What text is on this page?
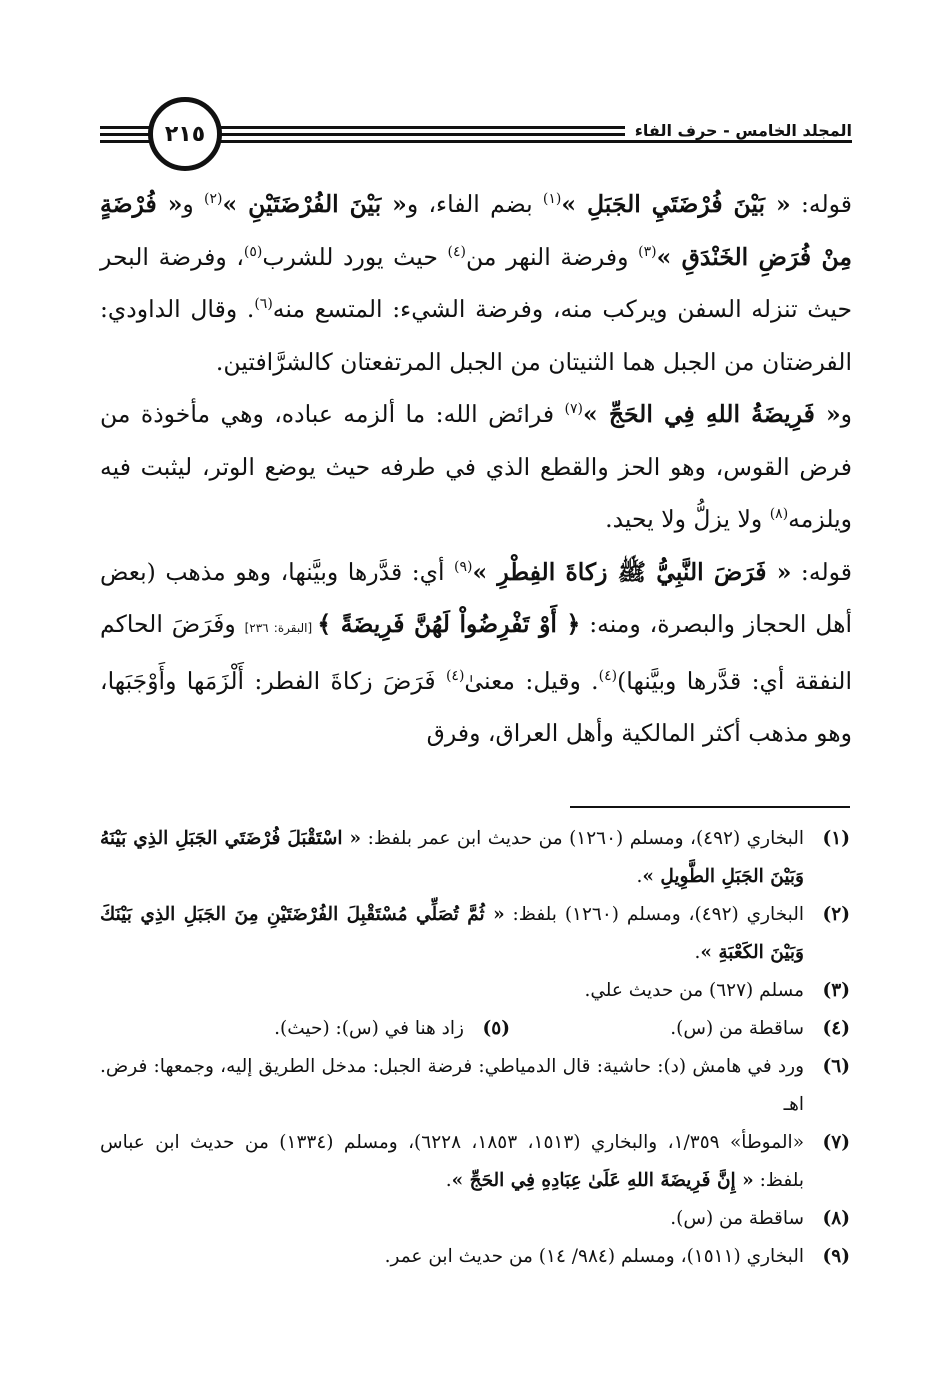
المجلد الخامس - حرف الفاء
٢١٥

قوله: « بَيْنَ فُرْضَتَيِ الجَبَلِ »$^{(١)}$ بضم الفاء، و« بَيْنَ الفُرْضَتَيْنِ »$^{(٢)}$ و« فُرْضَةٍ مِنْ فُرَضِ الخَنْدَقِ »$^{(٣)}$ وفرضة النهر من$^{(٤)}$ حيث يورد للشرب$^{(٥)}$، وفرضة البحر حيث تنزله السفن ويركب منه، وفرضة الشيء: المتسع منه$^{(٦)}$. وقال الداودي: الفرضتان من الجبل هما الثنيتان من الجبل المرتفعتان كالشرَّافتين.

و« فَرِيضَةُ اللهِ فِي الحَجِّ »$^{(٧)}$ فرائض الله: ما ألزمه عباده، وهي مأخوذة من فرض القوس، وهو الحز والقطع الذي في طرفه حيث يوضع الوتر، ليثبت فيه ويلزمه$^{(٨)}$ ولا يزلُّ ولا يحيد.

قوله: « فَرَضَ النَّبِيُّ ﷺ زكاةَ الفِطْرِ »$^{(٩)}$ أي: قدَّرها وبيَّنها، وهو مذهب (بعض أهل الحجاز والبصرة، ومنه: ﴿ أَوْ تَفْرِضُواْ لَهُنَّ فَرِيضَةً ﴾ [البقرة: ٢٣٦] وفَرَضَ الحاكم النفقة أي: قدَّرها وبيَّنها)$^{(٤)}$. وقيل: معنىٰ$^{(٤)}$ فَرَضَ زكاةَ الفطر: أَلْزَمَها وأَوْجَبَها، وهو مذهب أكثر المالكية وأهل العراق، وفرق

(١)
البخاري (٤٩٢)، ومسلم (١٢٦٠) من حديث ابن عمر بلفظ: « اسْتَقْبَلَ فُرْضَتَي الجَبَلِ الذِي بَيْنَهُ وَبَيْنَ الجَبَلِ الطَّوِيلِ ».
(٢)
البخاري (٤٩٢)، ومسلم (١٢٦٠) بلفظ: « ثُمَّ تُصَلِّي مُسْتَقْبِلَ الفُرْضَتَيْنِ مِنَ الجَبَلِ الذِي بَيْنَكَ وَبَيْنَ الكَعْبَةِ ».
(٣)
مسلم (٦٢٧) من حديث علي.
(٤)
ساقطة من (س).
(٥)
زاد هنا في (س): (حيث).
(٦)
ورد في هامش (د): حاشية: قال الدمياطي: فرضة الجبل: مدخل الطريق إليه، وجمعها: فرض. اهـ
(٧)
«الموطأ» ١/٣٥٩، والبخاري (١٥١٣، ١٨٥٣، ٦٢٢٨)، ومسلم (١٣٣٤) من حديث ابن عباس بلفظ: « إِنَّ فَرِيضَةَ اللهِ عَلَىٰ عِبَادِهِ فِي الحَجِّ ».
(٨)
ساقطة من (س).
(٩)
البخاري (١٥١١)، ومسلم (٩٨٤/ ١٤) من حديث ابن عمر.
